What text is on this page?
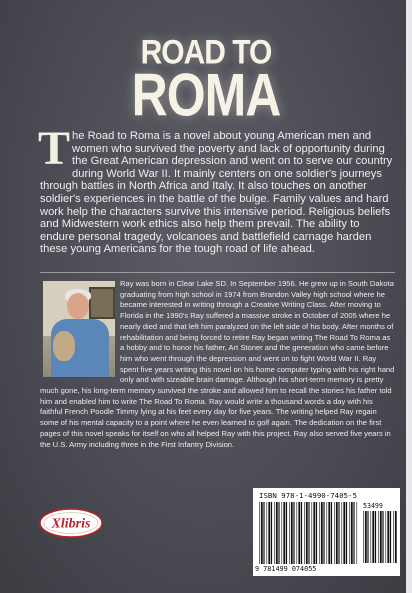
ROAD TO
ROMA

The Road to Roma is a novel about young American men and women who survived the poverty and lack of opportunity during the Great American depression and went on to serve our country during World War II. It mainly centers on one soldier's journeys through battles in North Africa and Italy. It also touches on another soldier's experiences in the battle of the bulge. Family values and hard work help the characters survive this intensive period. Religious beliefs and Midwestern work ethics also help them prevail. The ability to endure personal tragedy, volcanoes and battlefield carnage harden these young Americans for the tough road of life ahead.

Ray was born in Clear Lake SD. In September 1956. He grew up in South Dakota graduating from high school in 1974 from Brandon Valley high school where he became interested in writing through a Creative Writing Class. After moving to Florida in the 1990's Ray suffered a massive stroke in October of 2005 where he nearly died and that left him paralyzed on the left side of his body. After months of rehabilitation and being forced to retire Ray began writing The Road To Roma as a hobby and to honor his father, Art Stoner and the generation who came before him who went through the depression and went on to fight World War II. Ray spent five years writing this novel on his home computer typing with his right hand only and with sizeable brain damage. Although his short-term memory is pretty much gone, his long-term memory survived the stroke and allowed him to recall the stories his father told him and enabled him to write The Road To Roma. Ray would write a thousand words a day with his faithful French Poodle Timmy lying at his feet every day for five years. The writing helped Ray regain some of his mental capacity to a point where he even learned to golf again. The dedication on the first pages of this novel speaks for itself on who all helped Ray with this project. Ray also served five years in the U.S. Army including three in the First Infantry Division.

ISBN 978-1-4990-7405-5

53499

9 781499 074055

Xlibris
